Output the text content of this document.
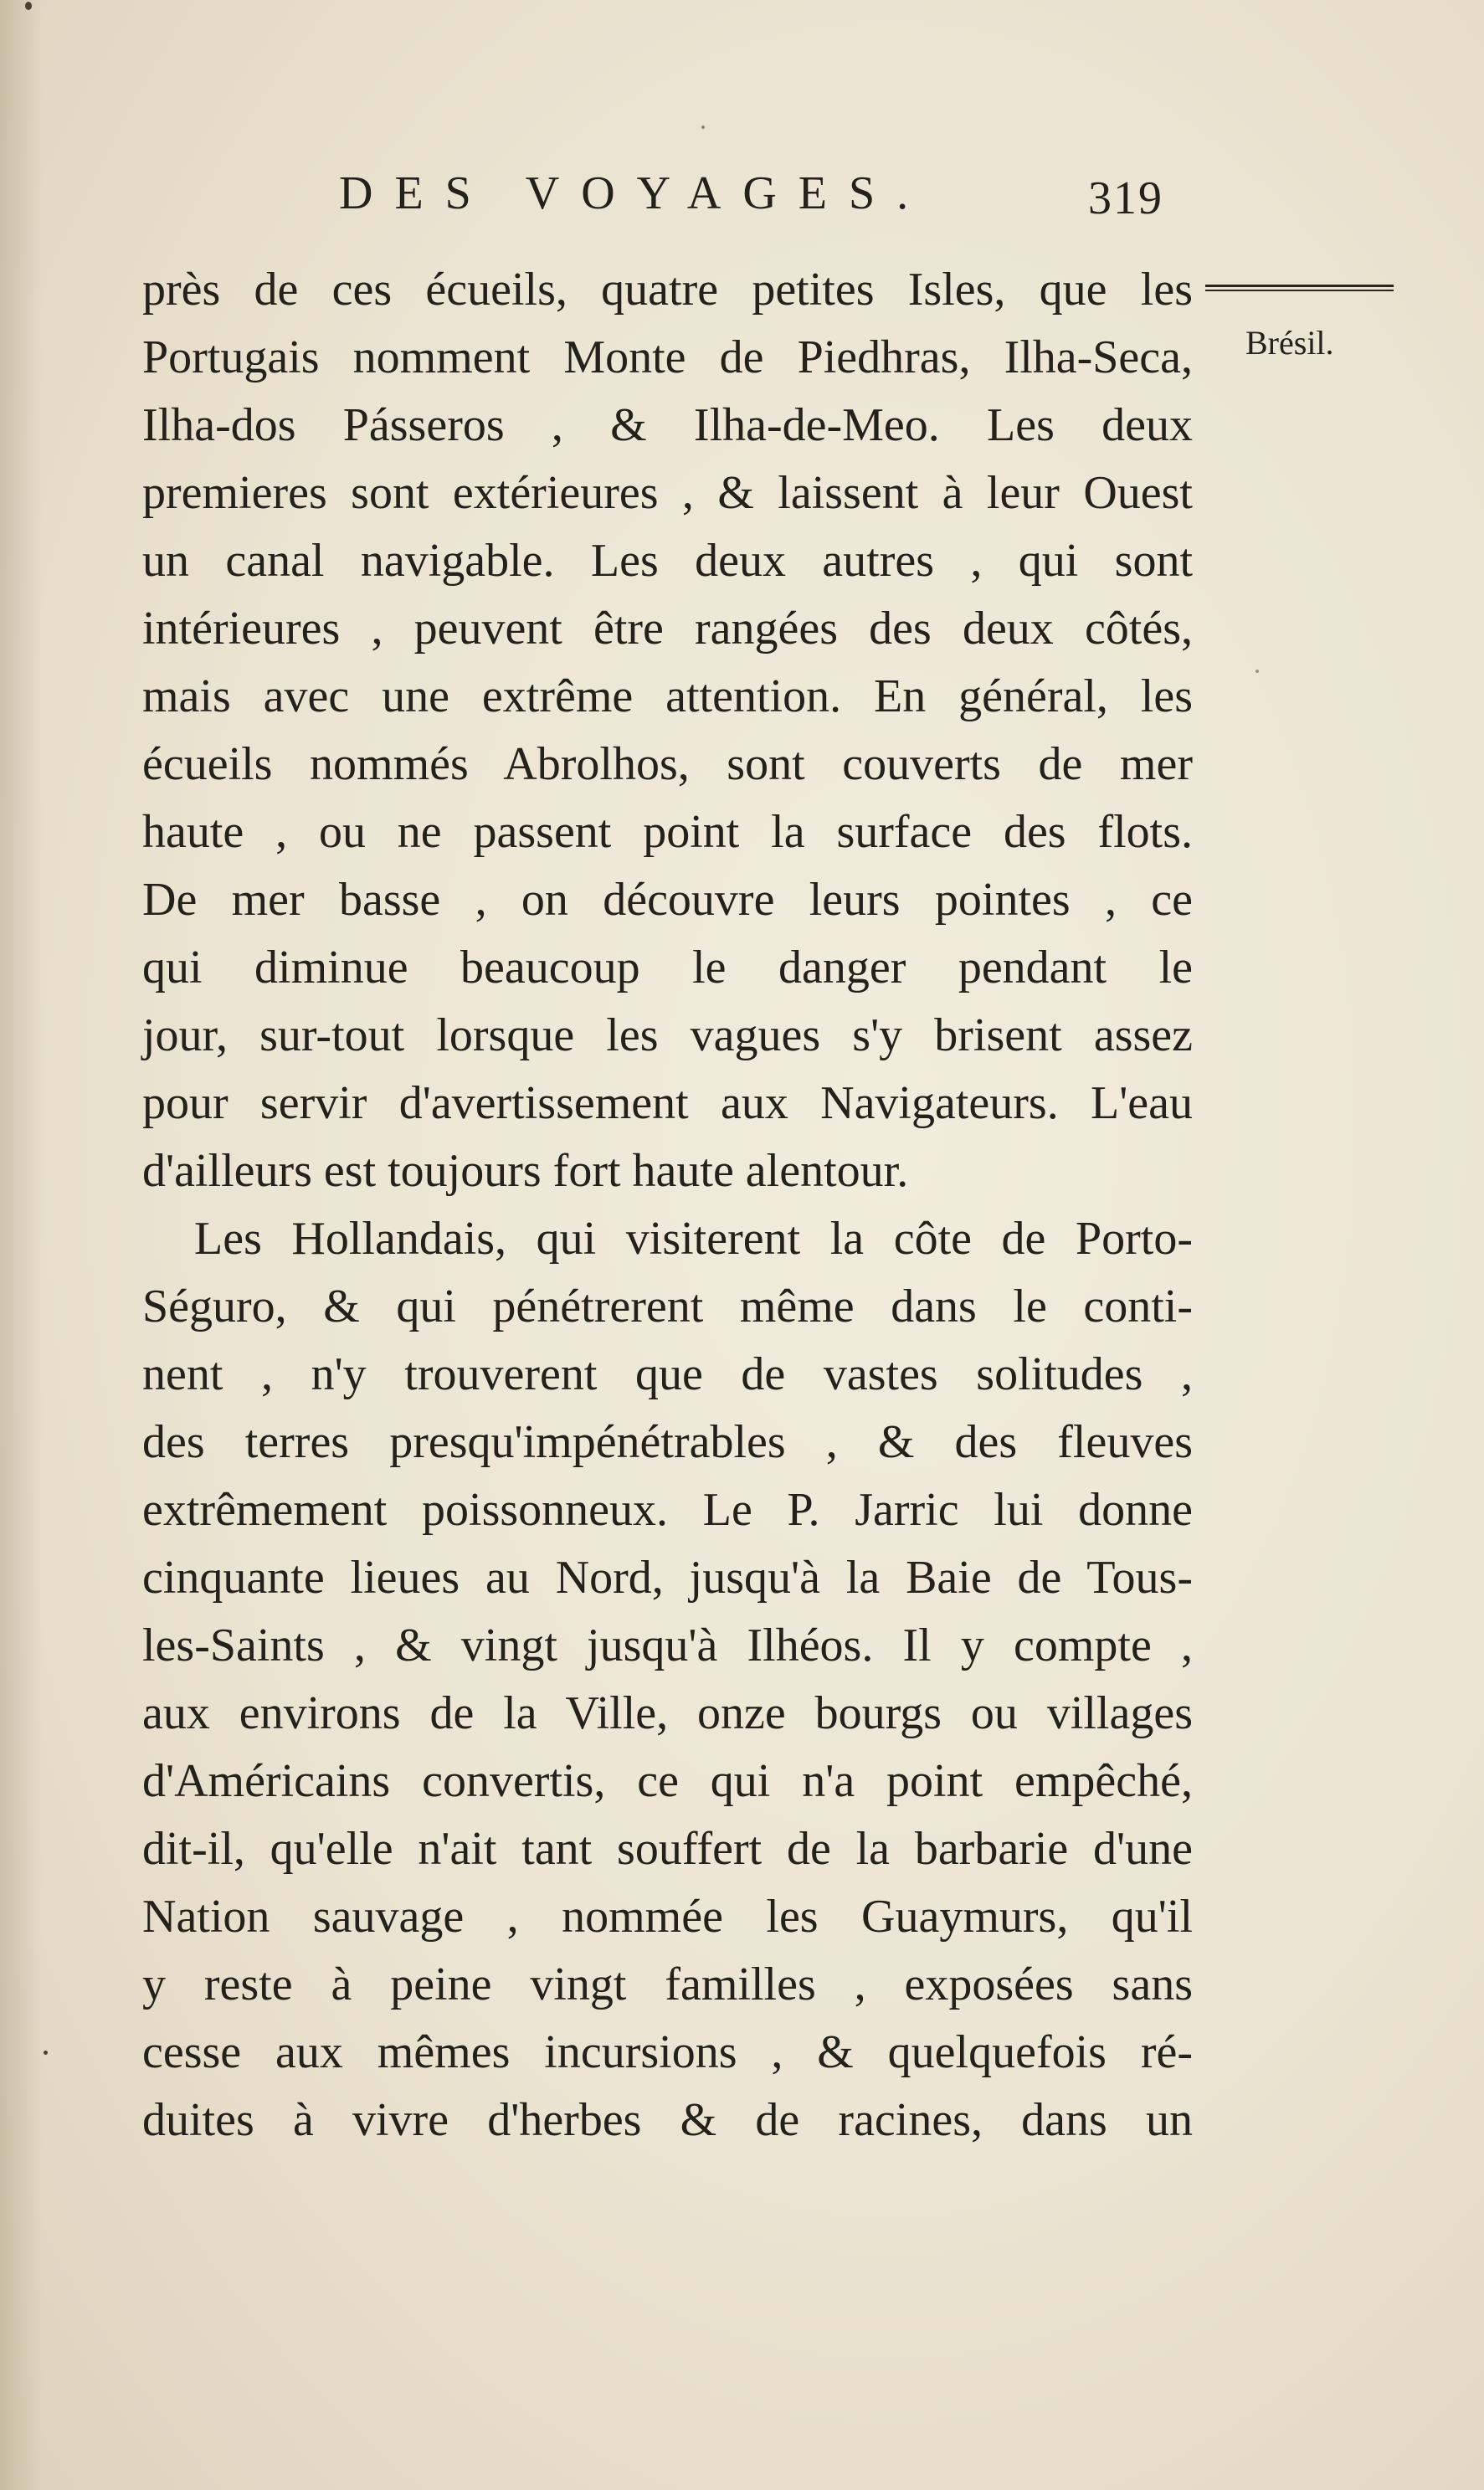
DES VOYAGES.	319
Brésil.
près de ces écueils, quatre petites Isles, que les
Portugais nomment Monte de Piedhras, Ilha-Seca,
Ilha-dos Pásseros , & Ilha-de-Meo. Les deux
premieres sont extérieures , & laissent à leur Ouest
un canal navigable. Les deux autres , qui sont
intérieures , peuvent être rangées des deux côtés,
mais avec une extrême attention. En général, les
écueils nommés Abrolhos, sont couverts de mer
haute , ou ne passent point la surface des flots.
De mer basse , on découvre leurs pointes , ce
qui diminue beaucoup le danger pendant le
jour, sur-tout lorsque les vagues s'y brisent assez
pour servir d'avertissement aux Navigateurs. L'eau
d'ailleurs est toujours fort haute alentour.
Les Hollandais, qui visiterent la côte de Porto-
Séguro, & qui pénétrerent même dans le conti-
nent , n'y trouverent que de vastes solitudes ,
des terres presqu'impénétrables , & des fleuves
extrêmement poissonneux. Le P. Jarric lui donne
cinquante lieues au Nord, jusqu'à la Baie de Tous-
les-Saints , & vingt jusqu'à Ilhéos. Il y compte ,
aux environs de la Ville, onze bourgs ou villages
d'Américains convertis, ce qui n'a point empêché,
dit-il, qu'elle n'ait tant souffert de la barbarie d'une
Nation sauvage , nommée les Guaymurs, qu'il
y reste à peine vingt familles , exposées sans
cesse aux mêmes incursions , & quelquefois ré-
duites à vivre d'herbes & de racines, dans un
